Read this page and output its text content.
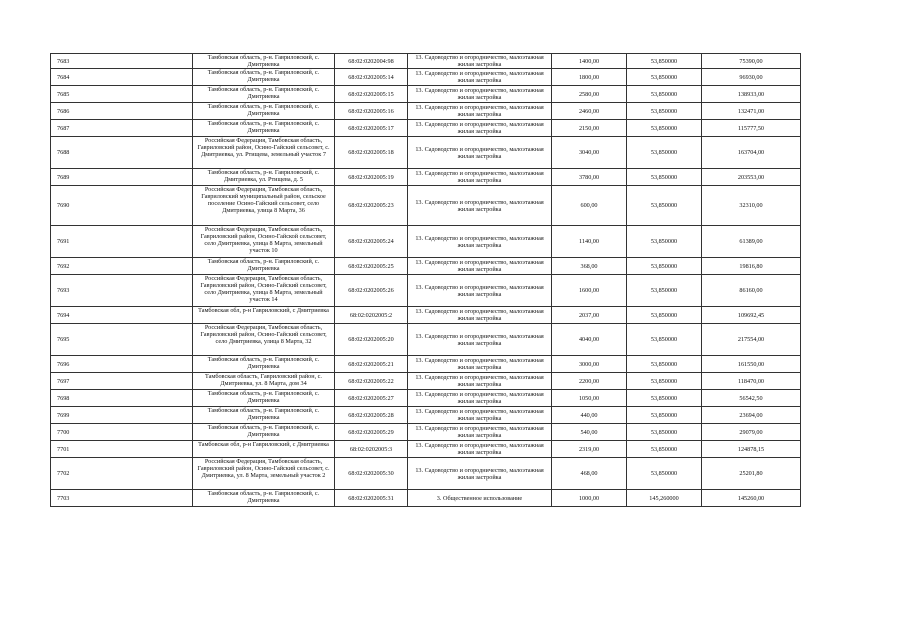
7683	Тамбовская область, р-н. Гавриловский, с. Дмитриевка	68:02:0202004:98	13. Садоводство и огородничество, малоэтажная жилая застройка	1400,00	53,850000	75390,00
7684	Тамбовская область, р-н. Гавриловский, с. Дмитриевка	68:02:0202005:14	13. Садоводство и огородничество, малоэтажная жилая застройка	1800,00	53,850000	96930,00
7685	Тамбовская область, р-н. Гавриловский, с. Дмитриевка	68:02:0202005:15	13. Садоводство и огородничество, малоэтажная жилая застройка	2580,00	53,850000	138933,00
7686	Тамбовская область, р-н. Гавриловский, с. Дмитриевка	68:02:0202005:16	13. Садоводство и огородничество, малоэтажная жилая застройка	2460,00	53,850000	132471,00
7687	Тамбовская область, р-н. Гавриловский, с. Дмитриевка	68:02:0202005:17	13. Садоводство и огородничество, малоэтажная жилая застройка	2150,00	53,850000	115777,50
7688	Российская Федерация, Тамбовская область, Гавриловский район, Осино-Гайский сельсовет, с. Дмитриевка, ул. Ртищева, земельный участок 7	68:02:0202005:18	13. Садоводство и огородничество, малоэтажная жилая застройка	3040,00	53,850000	163704,00
7689	Тамбовская область, р-н. Гавриловский, с. Дмитриевка, ул. Ртищева, д. 5	68:02:0202005:19	13. Садоводство и огородничество, малоэтажная жилая застройка	3780,00	53,850000	203553,00
7690	Российская Федерация, Тамбовская область, Гавриловский муниципальный район, сельское поселение Осино-Гайский сельсовет, село Дмитриевка, улица 8 Марта, 36	68:02:0202005:23	13. Садоводство и огородничество, малоэтажная жилая застройка	600,00	53,850000	32310,00
7691	Российская Федерация, Тамбовская область, Гавриловский район, Осино-Гайской сельсовет, село Дмитриевка, улица 8 Марта, земельный участок 10	68:02:0202005:24	13. Садоводство и огородничество, малоэтажная жилая застройка	1140,00	53,850000	61389,00
7692	Тамбовская область, р-н. Гавриловский, с. Дмитриевка	68:02:0202005:25	13. Садоводство и огородничество, малоэтажная жилая застройка	368,00	53,850000	19816,80
7693	Российская Федерация, Тамбовская область, Гавриловский район, Осино-Гайский сельсовет, село Дмитриевка, улица 8 Марта, земельный участок 14	68:02:0202005:26	13. Садоводство и огородничество, малоэтажная жилая застройка	1600,00	53,850000	86160,00
7694	Тамбовская обл, р-н Гавриловский, с Дмитриевка	68:02:0202005:2	13. Садоводство и огородничество, малоэтажная жилая застройка	2037,00	53,850000	109692,45
7695	Российская Федерация, Тамбовская область, Гавриловский район, Осино-Гайский сельсовет, село Дмитриевка, улица 8 Марта, 32	68:02:0202005:20	13. Садоводство и огородничество, малоэтажная жилая застройка	4040,00	53,850000	217554,00
7696	Тамбовская область, р-н. Гавриловский, с. Дмитриевка	68:02:0202005:21	13. Садоводство и огородничество, малоэтажная жилая застройка	3000,00	53,850000	161550,00
7697	Тамбовская область, Гавриловский район, с. Дмитриевка, ул. 8 Марта, дом 34	68:02:0202005:22	13. Садоводство и огородничество, малоэтажная жилая застройка	2200,00	53,850000	118470,00
7698	Тамбовская область, р-н. Гавриловский, с. Дмитриевка	68:02:0202005:27	13. Садоводство и огородничество, малоэтажная жилая застройка	1050,00	53,850000	56542,50
7699	Тамбовская область, р-н. Гавриловский, с. Дмитриевка	68:02:0202005:28	13. Садоводство и огородничество, малоэтажная жилая застройка	440,00	53,850000	23694,00
7700	Тамбовская область, р-н. Гавриловский, с. Дмитриевка	68:02:0202005:29	13. Садоводство и огородничество, малоэтажная жилая застройка	540,00	53,850000	29079,00
7701	Тамбовская обл, р-н Гавриловский, с Дмитриевка	68:02:0202005:3	13. Садоводство и огородничество, малоэтажная жилая застройка	2319,00	53,850000	124878,15
7702	Российская Федерация, Тамбовская область, Гавриловский район, Осино-Гайский сельсовет, с. Дмитриевка, ул. 8 Марта, земельный участок 2	68:02:0202005:30	13. Садоводство и огородничество, малоэтажная жилая застройка	468,00	53,850000	25201,80
7703	Тамбовская область, р-н. Гавриловский, с. Дмитриевка	68:02:0202005:31	3. Общественное использование	1000,00	145,260000	145260,00
